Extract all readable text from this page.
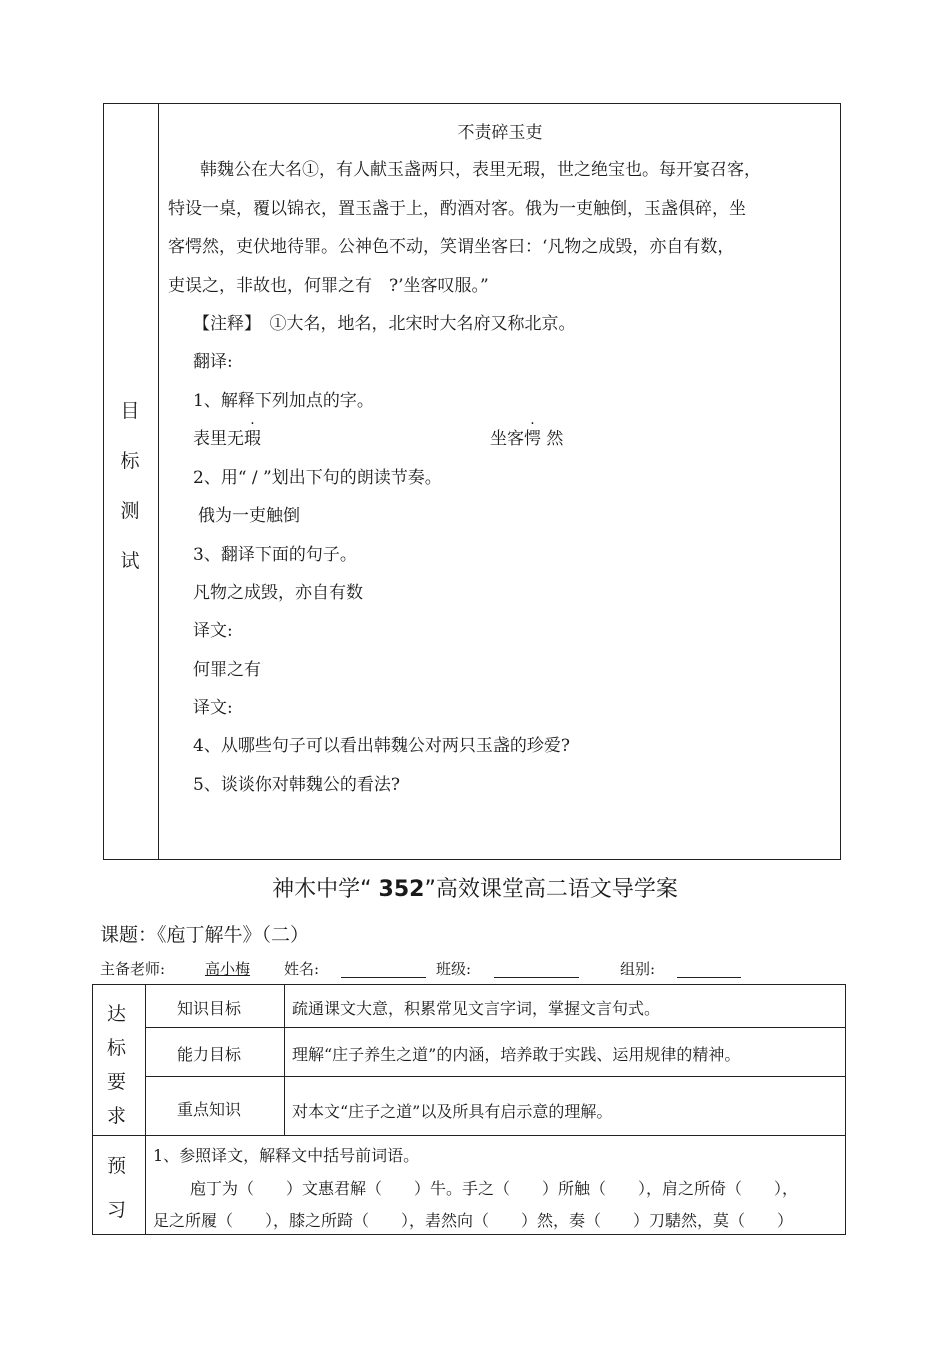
目
标
测
试
不责碎玉吏
韩魏公在大名①，有人献玉盏两只，表里无瑕，世之绝宝也。每开宴召客，
特设一桌，覆以锦衣，置玉盏于上，酌酒对客。俄为一吏触倒，玉盏俱碎，坐
客愕然，吏伏地待罪。公神色不动，笑谓坐客曰：‘凡物之成毁，亦自有数，
吏误之，非故也，何罪之有　?’坐客叹服。”
【注释】　①大名，地名，北宋时大名府又称北京。
翻译:
1、解释下列加点的字。
表里无瑕	坐客愕 然
2、用“ / ”划出下句的朗读节奏。
俄为一吏触倒
3、翻译下面的句子。
凡物之成毁，亦自有数
译文:
何罪之有
译文:
4、从哪些句子可以看出韩魏公对两只玉盏的珍爱?
5、谈谈你对韩魏公的看法?
神木中学“ 352”高效课堂高二语文导学案
课题：《庖丁解牛》（二）
主备老师:	高小梅	姓名:	班级:	组别:
达
标
要
求
知识目标	疏通课文大意，积累常见文言字词，掌握文言句式。
能力目标	理解“庄子养生之道”的内涵，培养敢于实践、运用规律的精神。
重点知识	对本文“庄子之道”以及所具有启示意的理解。
预
习
1、参照译文，解释文中括号前词语。
庖丁为（　　）文惠君解（　　）牛。手之（　　）所触（　　），肩之所倚（　　），
足之所履（　　），膝之所踦（　　），砉然向（　　）然，奏（　　）刀騞然，莫（　　）
